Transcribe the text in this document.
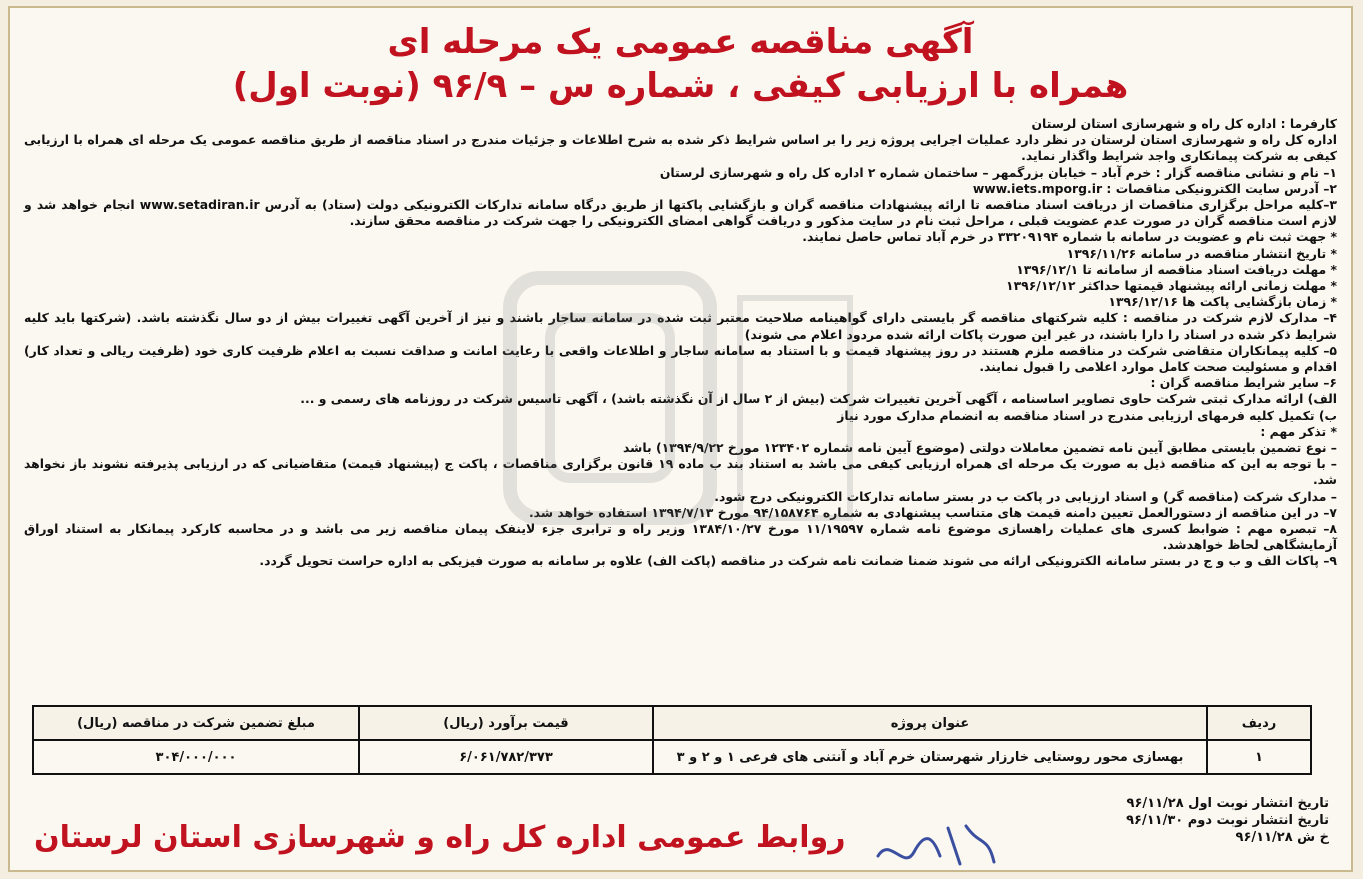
آگهی مناقصه عمومی یک مرحله ای
همراه با ارزیابی کیفی ، شماره س – ۹۶/۹ (نوبت اول)

کارفرما : اداره کل راه و شهرسازی استان لرستان

اداره کل راه و شهرسازی استان لرستان در نظر دارد عملیات اجرایی پروژه زیر را بر اساس شرایط ذکر شده به شرح اطلاعات و جزئیات مندرج در اسناد مناقصه از طریق مناقصه عمومی یک مرحله ای همراه با ارزیابی کیفی به شرکت پیمانکاری واجد شرایط واگذار نماید.

۱– نام و نشانی مناقصه گزار : خرم آباد – خیابان بزرگمهر – ساختمان شماره ۲ اداره کل راه و شهرسازی لرستان

۲– آدرس سایت الکترونیکی مناقصات : www.iets.mporg.ir

۳–کلیه مراحل برگزاری مناقصات از دریافت اسناد مناقصه تا ارائه پیشنهادات مناقصه گران و بازگشایی پاکتها از طریق درگاه سامانه تدارکات الکترونیکی دولت (ستاد) به آدرس www.setadiran.ir انجام خواهد شد و لازم است مناقصه گران در صورت عدم عضویت قبلی ، مراحل ثبت نام در سایت مذکور و دریافت گواهی امضای الکترونیکی را جهت شرکت در مناقصه محقق سازند.

* جهت ثبت نام و عضویت در سامانه با شماره ۳۳۲۰۹۱۹۴ در خرم آباد تماس حاصل نمایند.

* تاریخ انتشار مناقصه در سامانه ۱۳۹۶/۱۱/۲۶

* مهلت دریافت اسناد مناقصه از سامانه تا ۱۳۹۶/۱۲/۱

* مهلت زمانی ارائه پیشنهاد قیمتها حداکثر ۱۳۹۶/۱۲/۱۲

* زمان بازگشایی پاکت ها ۱۳۹۶/۱۲/۱۶

۴– مدارک لازم شرکت در مناقصه : کلیه شرکتهای مناقصه گر بایستی دارای گواهینامه صلاحیت معتبر ثبت شده در سامانه ساجار باشند و نیز از آخرین آگهی تغییرات بیش از دو سال نگذشته باشد. (شرکتها باید کلیه شرایط ذکر شده در اسناد را دارا باشند، در غیر این صورت پاکات ارائه شده مردود اعلام می شوند)

۵– کلیه پیمانکاران متقاضی شرکت در مناقصه ملزم هستند در روز پیشنهاد قیمت و با استناد به سامانه ساجار و اطلاعات واقعی با رعایت امانت و صداقت نسبت به اعلام ظرفیت کاری خود (ظرفیت ریالی و تعداد کار) اقدام و مسئولیت صحت کامل موارد اعلامی را قبول نمایند.

۶– سایر شرایط مناقصه گران :

الف) ارائه مدارک ثبتی شرکت حاوی تصاویر اساسنامه ، آگهی آخرین تغییرات شرکت (بیش از ۲ سال از آن نگذشته باشد) ، آگهی تاسیس شرکت در روزنامه های رسمی و ...

ب) تکمیل کلیه فرمهای ارزیابی مندرج در اسناد مناقصه به انضمام مدارک مورد نیاز

* تذکر مهم :

– نوع تضمین بایستی مطابق آیین نامه تضمین معاملات دولتی (موضوع آیین نامه شماره ۱۲۳۴۰۲ مورخ ۱۳۹۴/۹/۲۲) باشد

– با توجه به این که مناقصه ذیل به صورت یک مرحله ای همراه ارزیابی کیفی می باشد به استناد بند ب ماده ۱۹ قانون برگزاری مناقصات ، پاکت ج (پیشنهاد قیمت) متقاضیانی که در ارزیابی پذیرفته نشوند باز نخواهد شد.

– مدارک شرکت (مناقصه گر) و اسناد ارزیابی در پاکت ب در بستر سامانه تدارکات الکترونیکی درج شود.

۷– در این مناقصه از دستورالعمل تعیین دامنه قیمت های متناسب پیشنهادی به شماره ۹۴/۱۵۸۷۶۴ مورخ ۱۳۹۴/۷/۱۳ استفاده خواهد شد.

۸– تبصره مهم : ضوابط کسری های عملیات راهسازی موضوع نامه شماره ۱۱/۱۹۵۹۷ مورخ ۱۳۸۴/۱۰/۲۷ وزیر راه و ترابری جزء لاینفک پیمان مناقصه زیر می باشد و در محاسبه کارکرد پیمانکار به استناد اوراق آزمایشگاهی لحاظ خواهدشد.

۹– پاکات الف و ب و ج در بستر سامانه الکترونیکی ارائه می شوند ضمنا ضمانت نامه شرکت در مناقصه (پاکت الف) علاوه بر سامانه به صورت فیزیکی به اداره حراست تحویل گردد.

ردیف	عنوان پروژه	قیمت برآورد (ریال)	مبلغ تضمین شرکت در مناقصه (ریال)
۱	بهسازی محور روستایی خارزار شهرستان خرم آباد و آنتنی های فرعی ۱ و ۲ و ۳	۶/۰۶۱/۷۸۲/۳۷۳	۳۰۴/۰۰۰/۰۰۰
تاریخ انتشار نوبت اول ۹۶/۱۱/۲۸
تاریخ انتشار نوبت دوم ۹۶/۱۱/۳۰
خ ش ۹۶/۱۱/۲۸
روابط عمومی اداره کل راه و شهرسازی استان لرستان
